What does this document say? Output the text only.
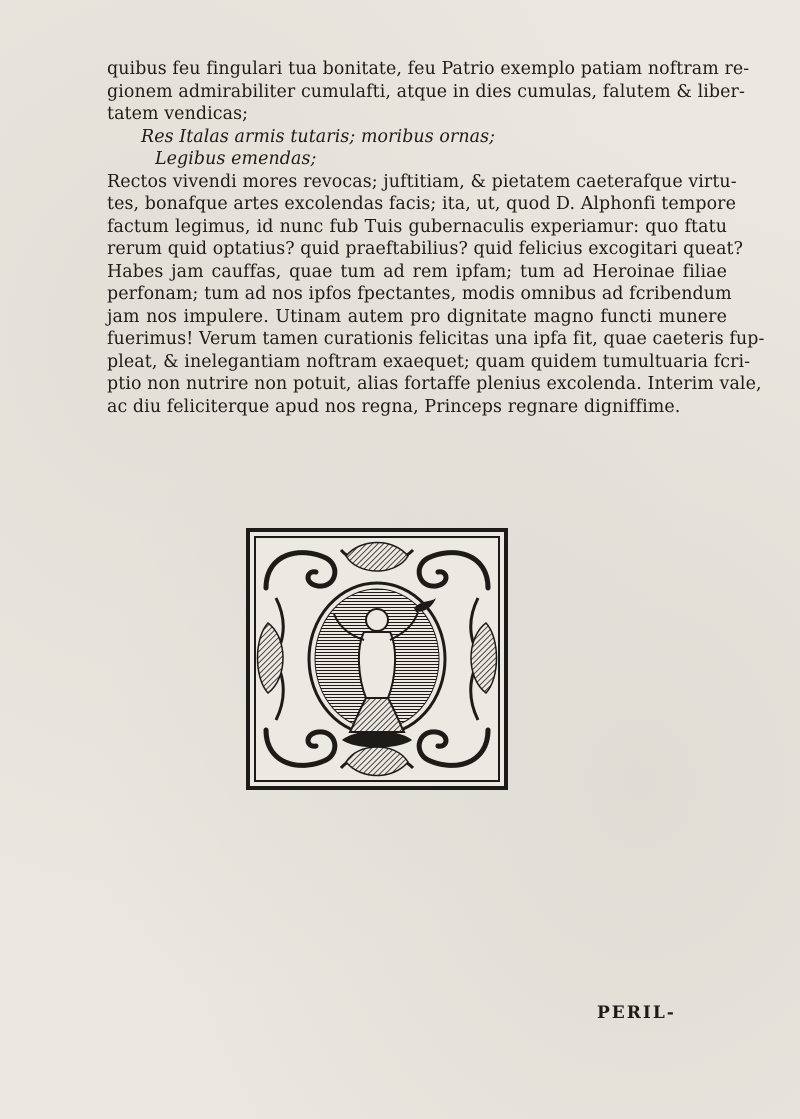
quibus feu fingulari tua bonitate, feu Patrio exemplo patiam noftram re-
gionem admirabiliter cumulafti, atque in dies cumulas, falutem & liber-
tatem vendicas;
Res Italas armis tutaris; moribus ornas;
Legibus emendas;
Rectos vivendi mores revocas; juftitiam, & pietatem caeterafque virtu-
tes, bonafque artes excolendas facis; ita, ut, quod D. Alphonfi tempore
factum legimus, id nunc fub Tuis gubernaculis experiamur: quo ftatu
rerum quid optatius? quid praeftabilius? quid felicius excogitari queat?
Habes jam cauffas, quae tum ad rem ipfam; tum ad Heroinae filiae
perfonam; tum ad nos ipfos fpectantes, modis omnibus ad fcribendum
jam nos impulere. Utinam autem pro dignitate magno functi munere
fuerimus! Verum tamen curationis felicitas una ipfa fit, quae caeteris fup-
pleat, & inelegantiam noftram exaequet; quam quidem tumultuaria fcri-
ptio non nutrire non potuit, alias fortaffe plenius excolenda. Interim vale,
ac diu feliciterque apud nos regna, Princeps regnare digniffime.
PERIL-
